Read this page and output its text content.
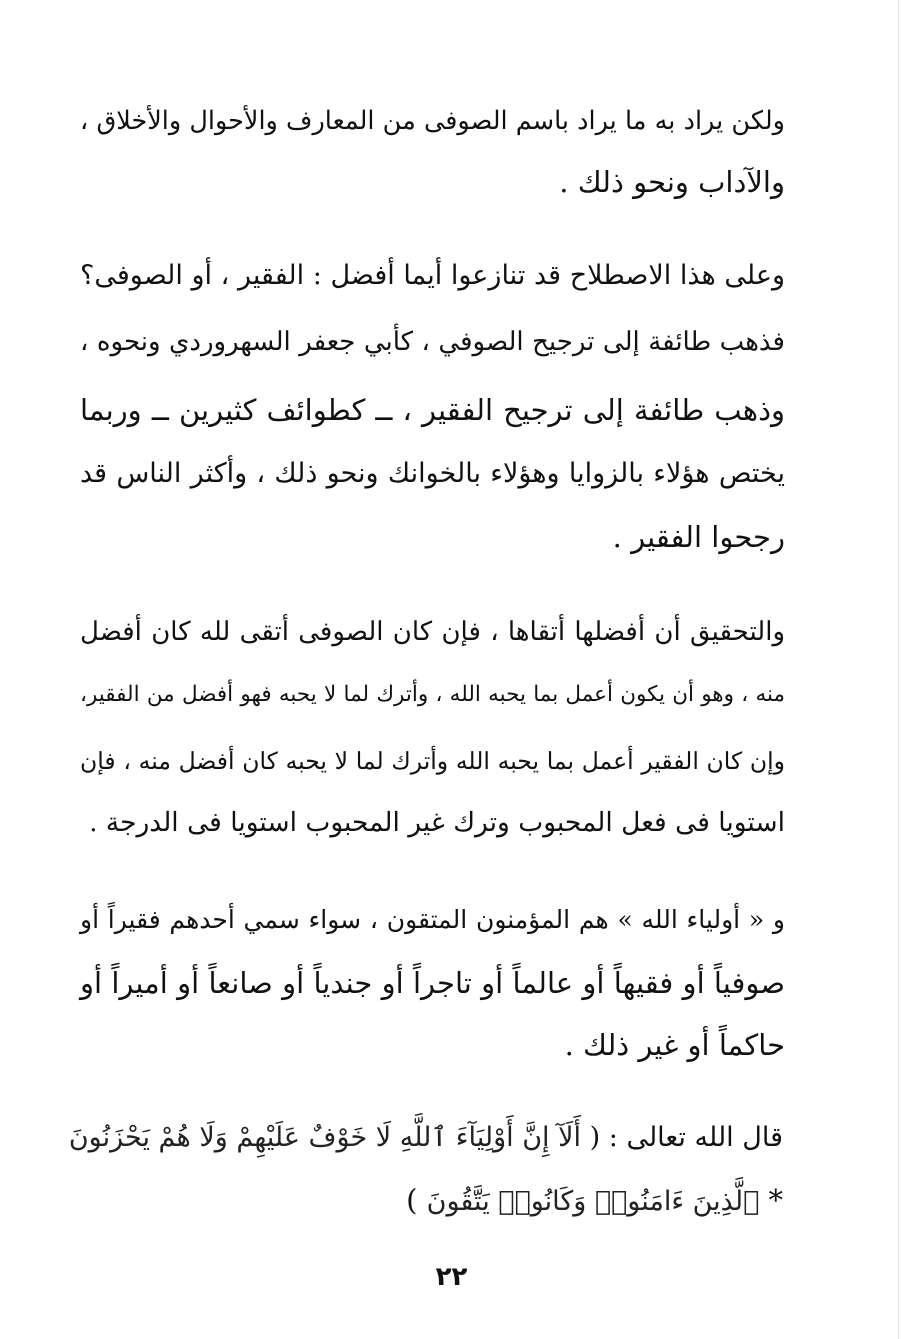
ولكن يراد به ما يراد باسم الصوفى من المعارف والأحوال والأخلاق ،
والآداب ونحو ذلك .
وعلى هذا الاصطلاح قد تنازعوا أيما أفضل : الفقير ، أو الصوفى؟
فذهب طائفة إلى ترجيح الصوفي ، كأبي جعفر السهروردي ونحوه ،
وذهب طائفة إلى ترجيح الفقير ، ــ كطوائف كثيرين ــ وربما
يختص هؤلاء بالزوايا وهؤلاء بالخوانك ونحو ذلك ، وأكثر الناس قد
رجحوا الفقير .
والتحقيق أن أفضلها أتقاها ، فإن كان الصوفى أتقى لله كان أفضل
منه ، وهو أن يكون أعمل بما يحبه الله ، وأترك لما لا يحبه فهو أفضل من الفقير،
وإن كان الفقير أعمل بما يحبه الله وأترك لما لا يحبه كان أفضل منه ، فإن
استويا فى فعل المحبوب وترك غير المحبوب استويا فى الدرجة .
و « أولياء الله » هم المؤمنون المتقون ، سواء سمي أحدهم فقيراً أو
صوفياً أو فقيهاً أو عالماً أو تاجراً أو جندياً أو صانعاً أو أميراً أو
حاكماً أو غير ذلك .
قال الله تعالى : ( أَلَآ إِنَّ أَوْلِيَآءَ ٱللَّهِ لَا خَوْفٌ عَلَيْهِمْ وَلَا هُمْ يَحْزَنُونَ
* ٱلَّذِينَ ءَامَنُوا۟ وَكَانُوا۟ يَتَّقُونَ )
٢٢
